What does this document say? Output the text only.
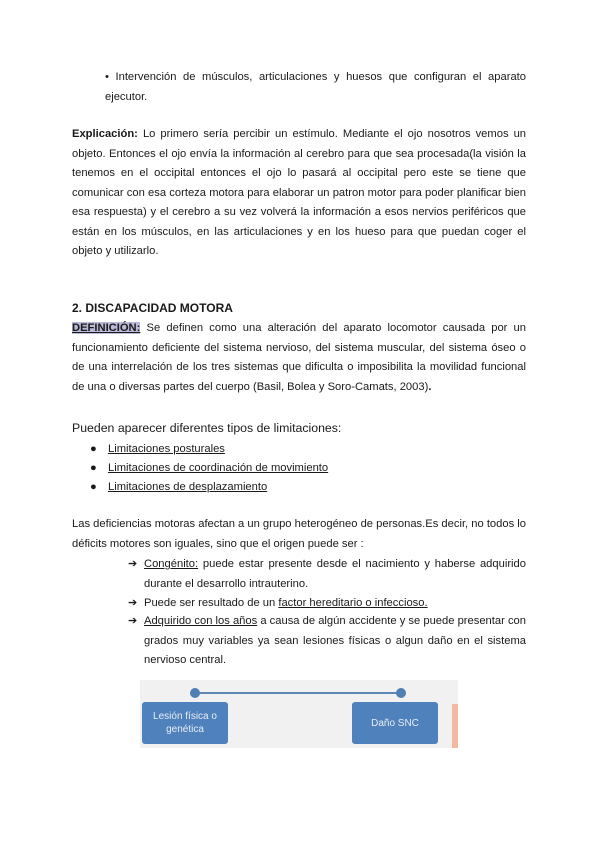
• Intervención de músculos, articulaciones y huesos que configuran el aparato ejecutor.
Explicación: Lo primero sería percibir un estímulo. Mediante el ojo nosotros vemos un objeto. Entonces el ojo envía la información al cerebro para que sea procesada(la visión la tenemos en el occipital entonces el ojo lo pasará al occipital pero este se tiene que comunicar con esa corteza motora para elaborar un patron motor para poder planificar bien esa respuesta) y el cerebro a su vez volverá la información a esos nervios periféricos que están en los músculos, en las articulaciones y en los hueso para que puedan coger el objeto y utilizarlo.
2. DISCAPACIDAD MOTORA
DEFINICIÓN: Se definen como una alteración del aparato locomotor causada por un funcionamiento deficiente del sistema nervioso, del sistema muscular, del sistema óseo o de una interrelación de los tres sistemas que dificulta o imposibilita la movilidad funcional de una o diversas partes del cuerpo (Basil, Bolea y Soro-Camats, 2003).
Pueden aparecer diferentes tipos de limitaciones:
● Limitaciones posturales
● Limitaciones de coordinación de movimiento
● Limitaciones de desplazamiento
Las deficiencias motoras afectan a un grupo heterogéneo de personas.Es decir, no todos lo déficits motores son iguales, sino que el origen puede ser :
➔ Congénito: puede estar presente desde el nacimiento y haberse adquirido durante el desarrollo intrauterino.
➔ Puede ser resultado de un factor hereditario o infeccioso.
➔ Adquirido con los años a causa de algún accidente y se puede presentar con grados muy variables ya sean lesiones físicas o algun daño en el sistema nervioso central.
Lesión física o genética
Daño SNC
